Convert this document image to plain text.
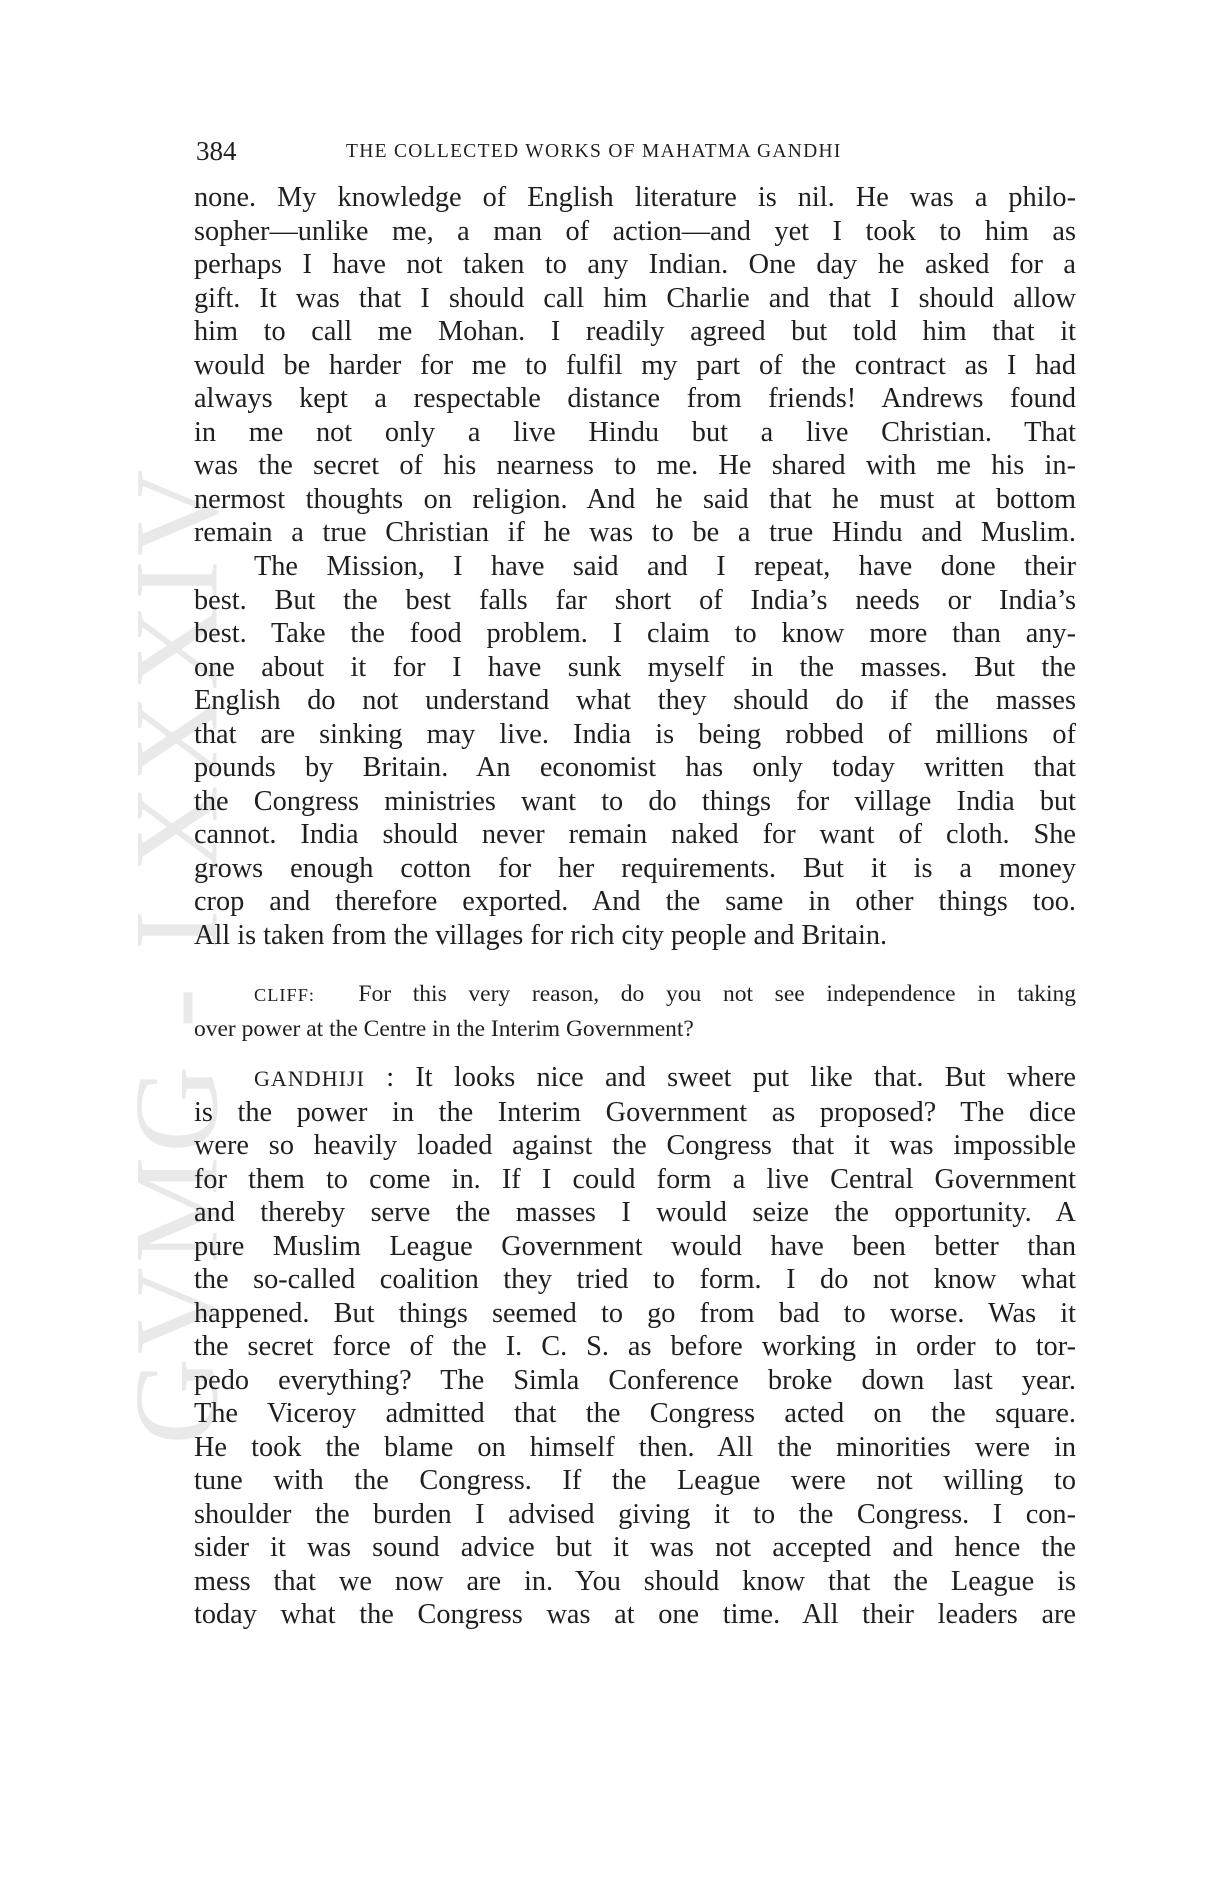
GVMG - I XXXIV
384	THE COLLECTED WORKS OF MAHATMA GANDHI
none. My knowledge of English literature is nil. He was a philo-
sopher—unlike me, a man of action—and yet I took to him as
perhaps I have not taken to any Indian. One day he asked for a
gift. It was that I should call him Charlie and that I should allow
him to call me Mohan. I readily agreed but told him that it
would be harder for me to fulfil my part of the contract as I had
always kept a respectable distance from friends! Andrews found
in me not only a live Hindu but a live Christian. That
was the secret of his nearness to me. He shared with me his in-
nermost thoughts on religion. And he said that he must at bottom
remain a true Christian if he was to be a true Hindu and Muslim.
The Mission, I have said and I repeat, have done their
best. But the best falls far short of India’s needs or India’s
best. Take the food problem. I claim to know more than any-
one about it for I have sunk myself in the masses. But the
English do not understand what they should do if the masses
that are sinking may live. India is being robbed of millions of
pounds by Britain. An economist has only today written that
the Congress ministries want to do things for village India but
cannot. India should never remain naked for want of cloth. She
grows enough cotton for her requirements. But it is a money
crop and therefore exported. And the same in other things too.
All is taken from the villages for rich city people and Britain.
CLIFF: For this very reason, do you not see independence in taking
over power at the Centre in the Interim Government?
GANDHIJI : It looks nice and sweet put like that. But where
is the power in the Interim Government as proposed? The dice
were so heavily loaded against the Congress that it was impossible
for them to come in. If I could form a live Central Government
and thereby serve the masses I would seize the opportunity. A
pure Muslim League Government would have been better than
the so-called coalition they tried to form. I do not know what
happened. But things seemed to go from bad to worse. Was it
the secret force of the I. C. S. as before working in order to tor-
pedo everything? The Simla Conference broke down last year.
The Viceroy admitted that the Congress acted on the square.
He took the blame on himself then. All the minorities were in
tune with the Congress. If the League were not willing to
shoulder the burden I advised giving it to the Congress. I con-
sider it was sound advice but it was not accepted and hence the
mess that we now are in. You should know that the League is
today what the Congress was at one time. All their leaders are
